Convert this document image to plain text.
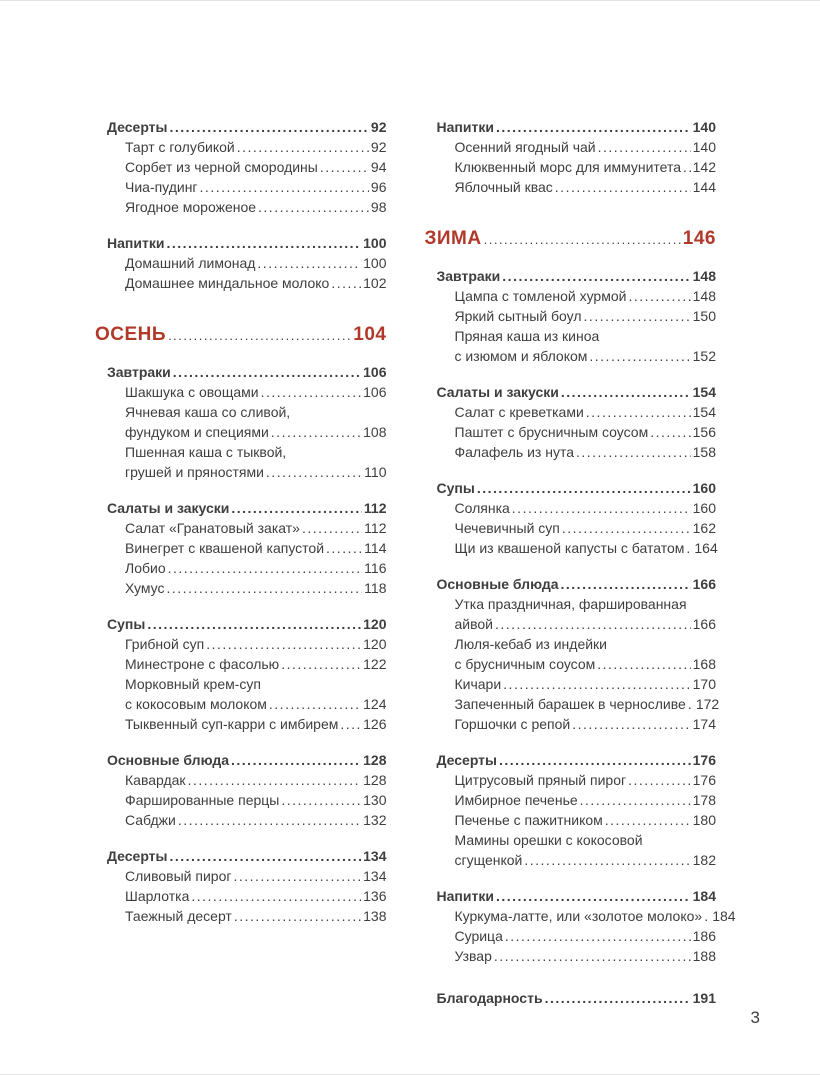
Десерты .....	92
Тарт с голубикой .....	92
Сорбет из черной смородины .....	94
Чиа-пудинг .....	96
Ягодное мороженое .....	98
Напитки .....	100
Домашний лимонад .....	100
Домашнее миндальное молоко ..... 102
ОСЕНЬ .....	104
Завтраки .....	106
Шакшука с овощами .....	106
Ячневая каша со сливой,
фундуком и специями .....	108
Пшенная каша с тыквой,
грушей и пряностями .....	110
Салаты и закуски .....	112
Салат «Гранатовый закат» .....	112
Винегрет с квашеной капустой .....	114
Лобио .....	116
Хумус .....	118
Супы .....	120
Грибной суп .....	120
Минестроне с фасолью .....	122
Морковный крем-суп
с кокосовым молоком .....	124
Тыквенный суп-карри с имбирем ..... 126
Основные блюда .....	128
Кавардак .....	128
Фаршированные перцы .....	130
Сабджи .....	132
Десерты .....	134
Сливовый пирог .....	134
Шарлотка .....	136
Таежный десерт .....	138
Напитки .....	140
Осенний ягодный чай .....	140
Клюквенный морс для иммунитета ..... 142
Яблочный квас .....	144
ЗИМА .....	146
Завтраки .....	148
Цампа с томленой хурмой .....	148
Яркий сытный боул .....	150
Пряная каша из киноа
с изюмом и яблоком .....	152
Салаты и закуски .....	154
Салат с креветками .....	154
Паштет с брусничным соусом .....	156
Фалафель из нута .....	158
Супы .....	160
Солянка .....	160
Чечевичный суп .....	162
Щи из квашеной капусты с бататом ..... 164
Основные блюда .....	166
Утка праздничная, фаршированная
айвой .....	166
Люля-кебаб из индейки
с брусничным соусом .....	168
Кичари .....	170
Запеченный барашек в черносливе ..... 172
Горшочки с репой .....	174
Десерты .....	176
Цитрусовый пряный пирог .....	176
Имбирное печенье .....	178
Печенье с пажитником .....	180
Мамины орешки с кокосовой
сгущенкой .....	182
Напитки .....	184
Куркума-латте, или «золотое молоко» ..... 184
Сурица .....	186
Узвар .....	188
Благодарность .....	191
3
